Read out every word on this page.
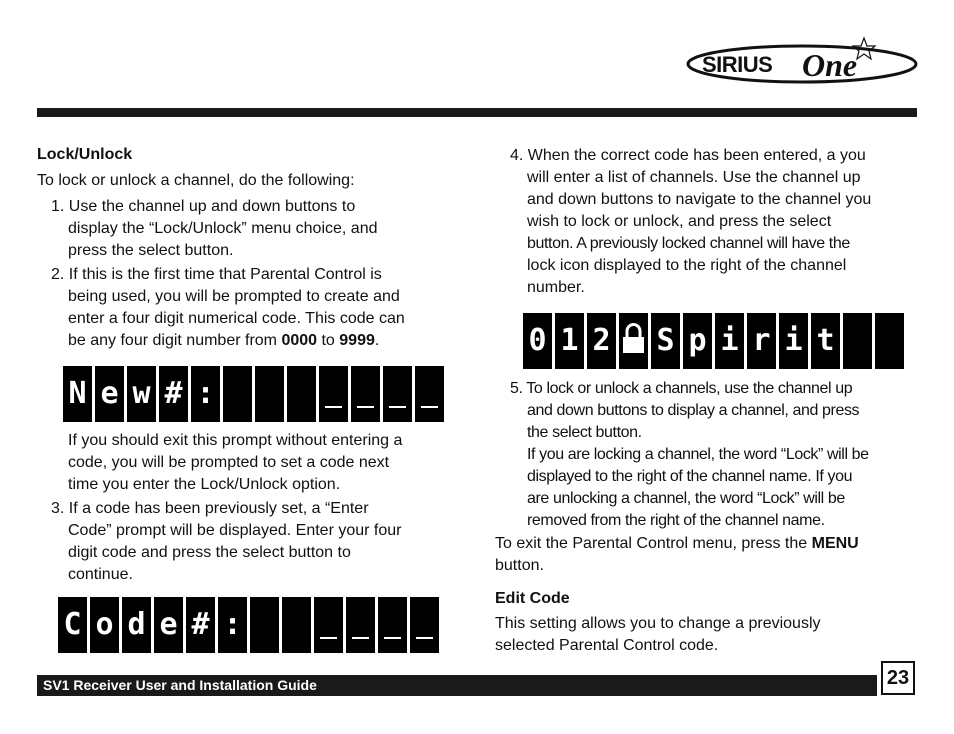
SIRIUS One
Lock/Unlock
To lock or unlock a channel, do the following:
1. Use the channel up and down buttons to
display the “Lock/Unlock” menu choice, and
press the select button.
2. If this is the first time that Parental Control is
being used, you will be prompted to create and
enter a four digit numerical code. This code can
be any four digit number from 0000 to 9999.
N e w # :
If you should exit this prompt without entering a
code, you will be prompted to set a code next
time you enter the Lock/Unlock option.
3. If a code has been previously set, a “Enter
Code” prompt will be displayed. Enter your four
digit code and press the select button to
continue.
C o d e # :
4. When the correct code has been entered, a you
will enter a list of channels. Use the channel up
and down buttons to navigate to the channel you
wish to lock or unlock, and press the select
button. A previously locked channel will have the
lock icon displayed to the right of the channel
number.
0 1 2 S p i r i t
5. To lock or unlock a channels, use the channel up
and down buttons to display a channel, and press
the select button.
If you are locking a channel, the word “Lock” will be
displayed to the right of the channel name. If you
are unlocking a channel, the word “Lock” will be
removed from the right of the channel name.
To exit the Parental Control menu, press the MENU
button.
Edit Code
This setting allows you to change a previously
selected Parental Control code.
SV1 Receiver User and Installation Guide	23
